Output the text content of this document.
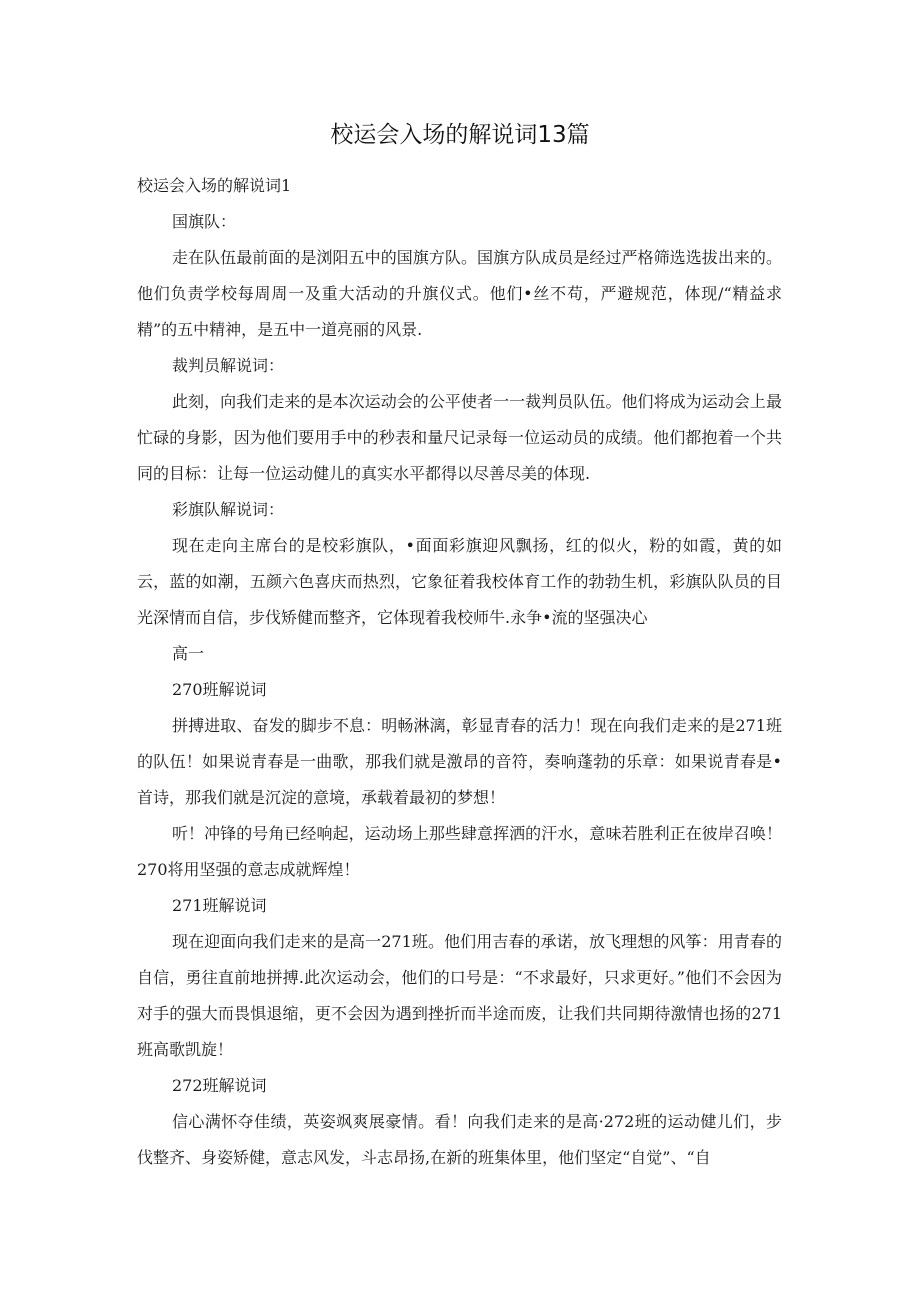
校运会入场的解说词13篇

校运会入场的解说词1

国旗队：

走在队伍最前面的是浏阳五中的国旗方队。国旗方队成员是经过严格筛选选拔出来的。他们负责学校每周周一及重大活动的升旗仪式。他们•丝不苟，严避规范，体现/“精益求精”的五中精神，是五中一道亮丽的风景.

裁判员解说词：

此刻，向我们走来的是本次运动会的公平使者一一裁判员队伍。他们将成为运动会上最忙碌的身影，因为他们要用手中的秒表和量尺记录每一位运动员的成绩。他们都抱着一个共同的目标：让每一位运动健儿的真实水平都得以尽善尽美的体现.

彩旗队解说词：

现在走向主席台的是校彩旗队，•面面彩旗迎风飘扬，红的似火，粉的如霞，黄的如云，蓝的如潮，五颜六色喜庆而热烈，它象征着我校体育工作的勃勃生机，彩旗队队员的目光深情而自信，步伐矫健而整齐，它体现着我校师牛.永争•流的坚强决心

高一

270班解说词

拼搏进取、奋发的脚步不息：明畅淋漓，彰显青春的活力！现在向我们走来的是271班的队伍！如果说青春是一曲歌，那我们就是激昂的音符，奏响蓬勃的乐章：如果说青春是•首诗，那我们就是沉淀的意境，承载着最初的梦想！

听！冲锋的号角已经响起，运动场上那些肆意挥洒的汗水，意味若胜利正在彼岸召唤！270将用坚强的意志成就辉煌！

271班解说词

现在迎面向我们走来的是高一271班。他们用吉春的承诺，放飞理想的风筝：用青春的自信，勇往直前地拼搏.此次运动会，他们的口号是：“不求最好，只求更好。”他们不会因为对手的强大而畏惧退缩，更不会因为遇到挫折而半途而废，让我们共同期待激情也扬的271班高歌凯旋！

272班解说词

信心满怀夺佳绩，英姿飒爽展豪情。看！向我们走来的是高·272班的运动健儿们，步伐整齐、身姿矫健，意志风发，斗志昂扬,在新的班集体里，他们坚定“自觉”、“自
